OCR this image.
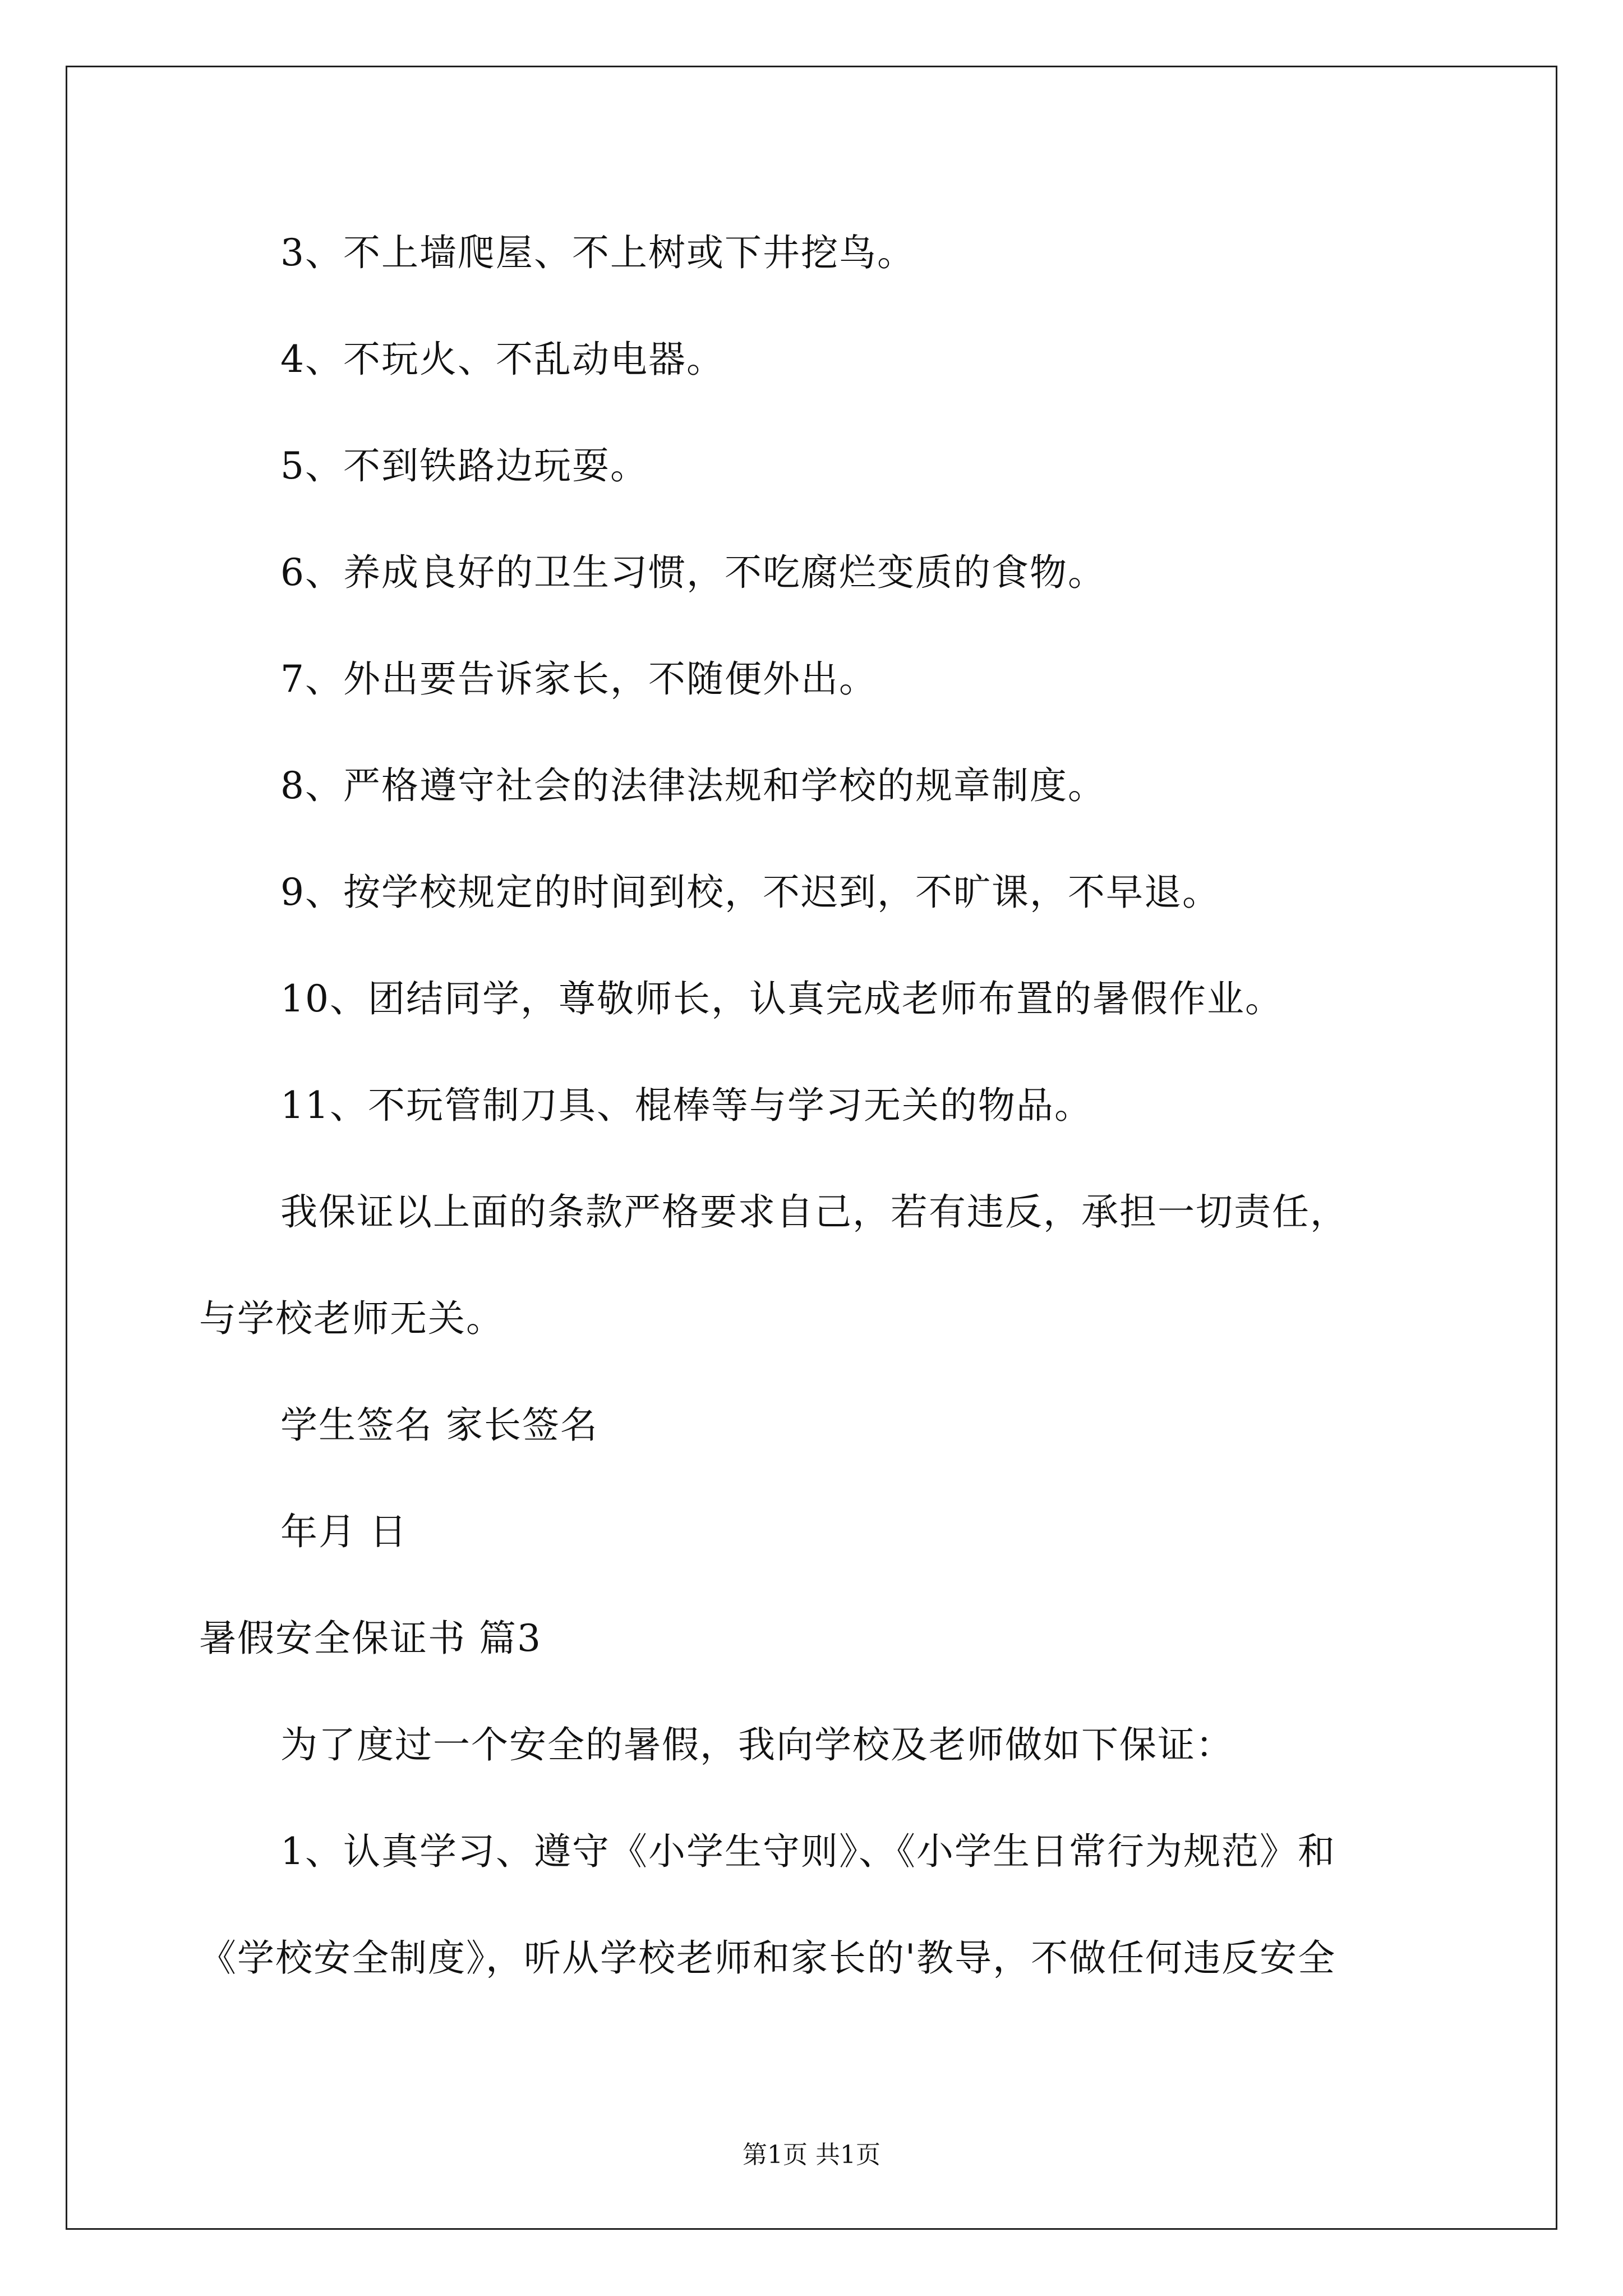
3、不上墙爬屋、不上树或下井挖鸟。
4、不玩火、不乱动电器。
5、不到铁路边玩耍。
6、养成良好的卫生习惯，不吃腐烂变质的食物。
7、外出要告诉家长，不随便外出。
8、严格遵守社会的法律法规和学校的规章制度。
9、按学校规定的时间到校，不迟到，不旷课，不早退。
10、团结同学，尊敬师长，认真完成老师布置的暑假作业。
11、不玩管制刀具、棍棒等与学习无关的物品。
我保证以上面的条款严格要求自己，若有违反，承担一切责任，
与学校老师无关。
学生签名 家长签名
年月 日
暑假安全保证书 篇3
为了度过一个安全的暑假，我向学校及老师做如下保证：
1、认真学习、遵守《小学生守则》、《小学生日常行为规范》和
《学校安全制度》，听从学校老师和家长的'教导，不做任何违反安全
第1页 共1页
